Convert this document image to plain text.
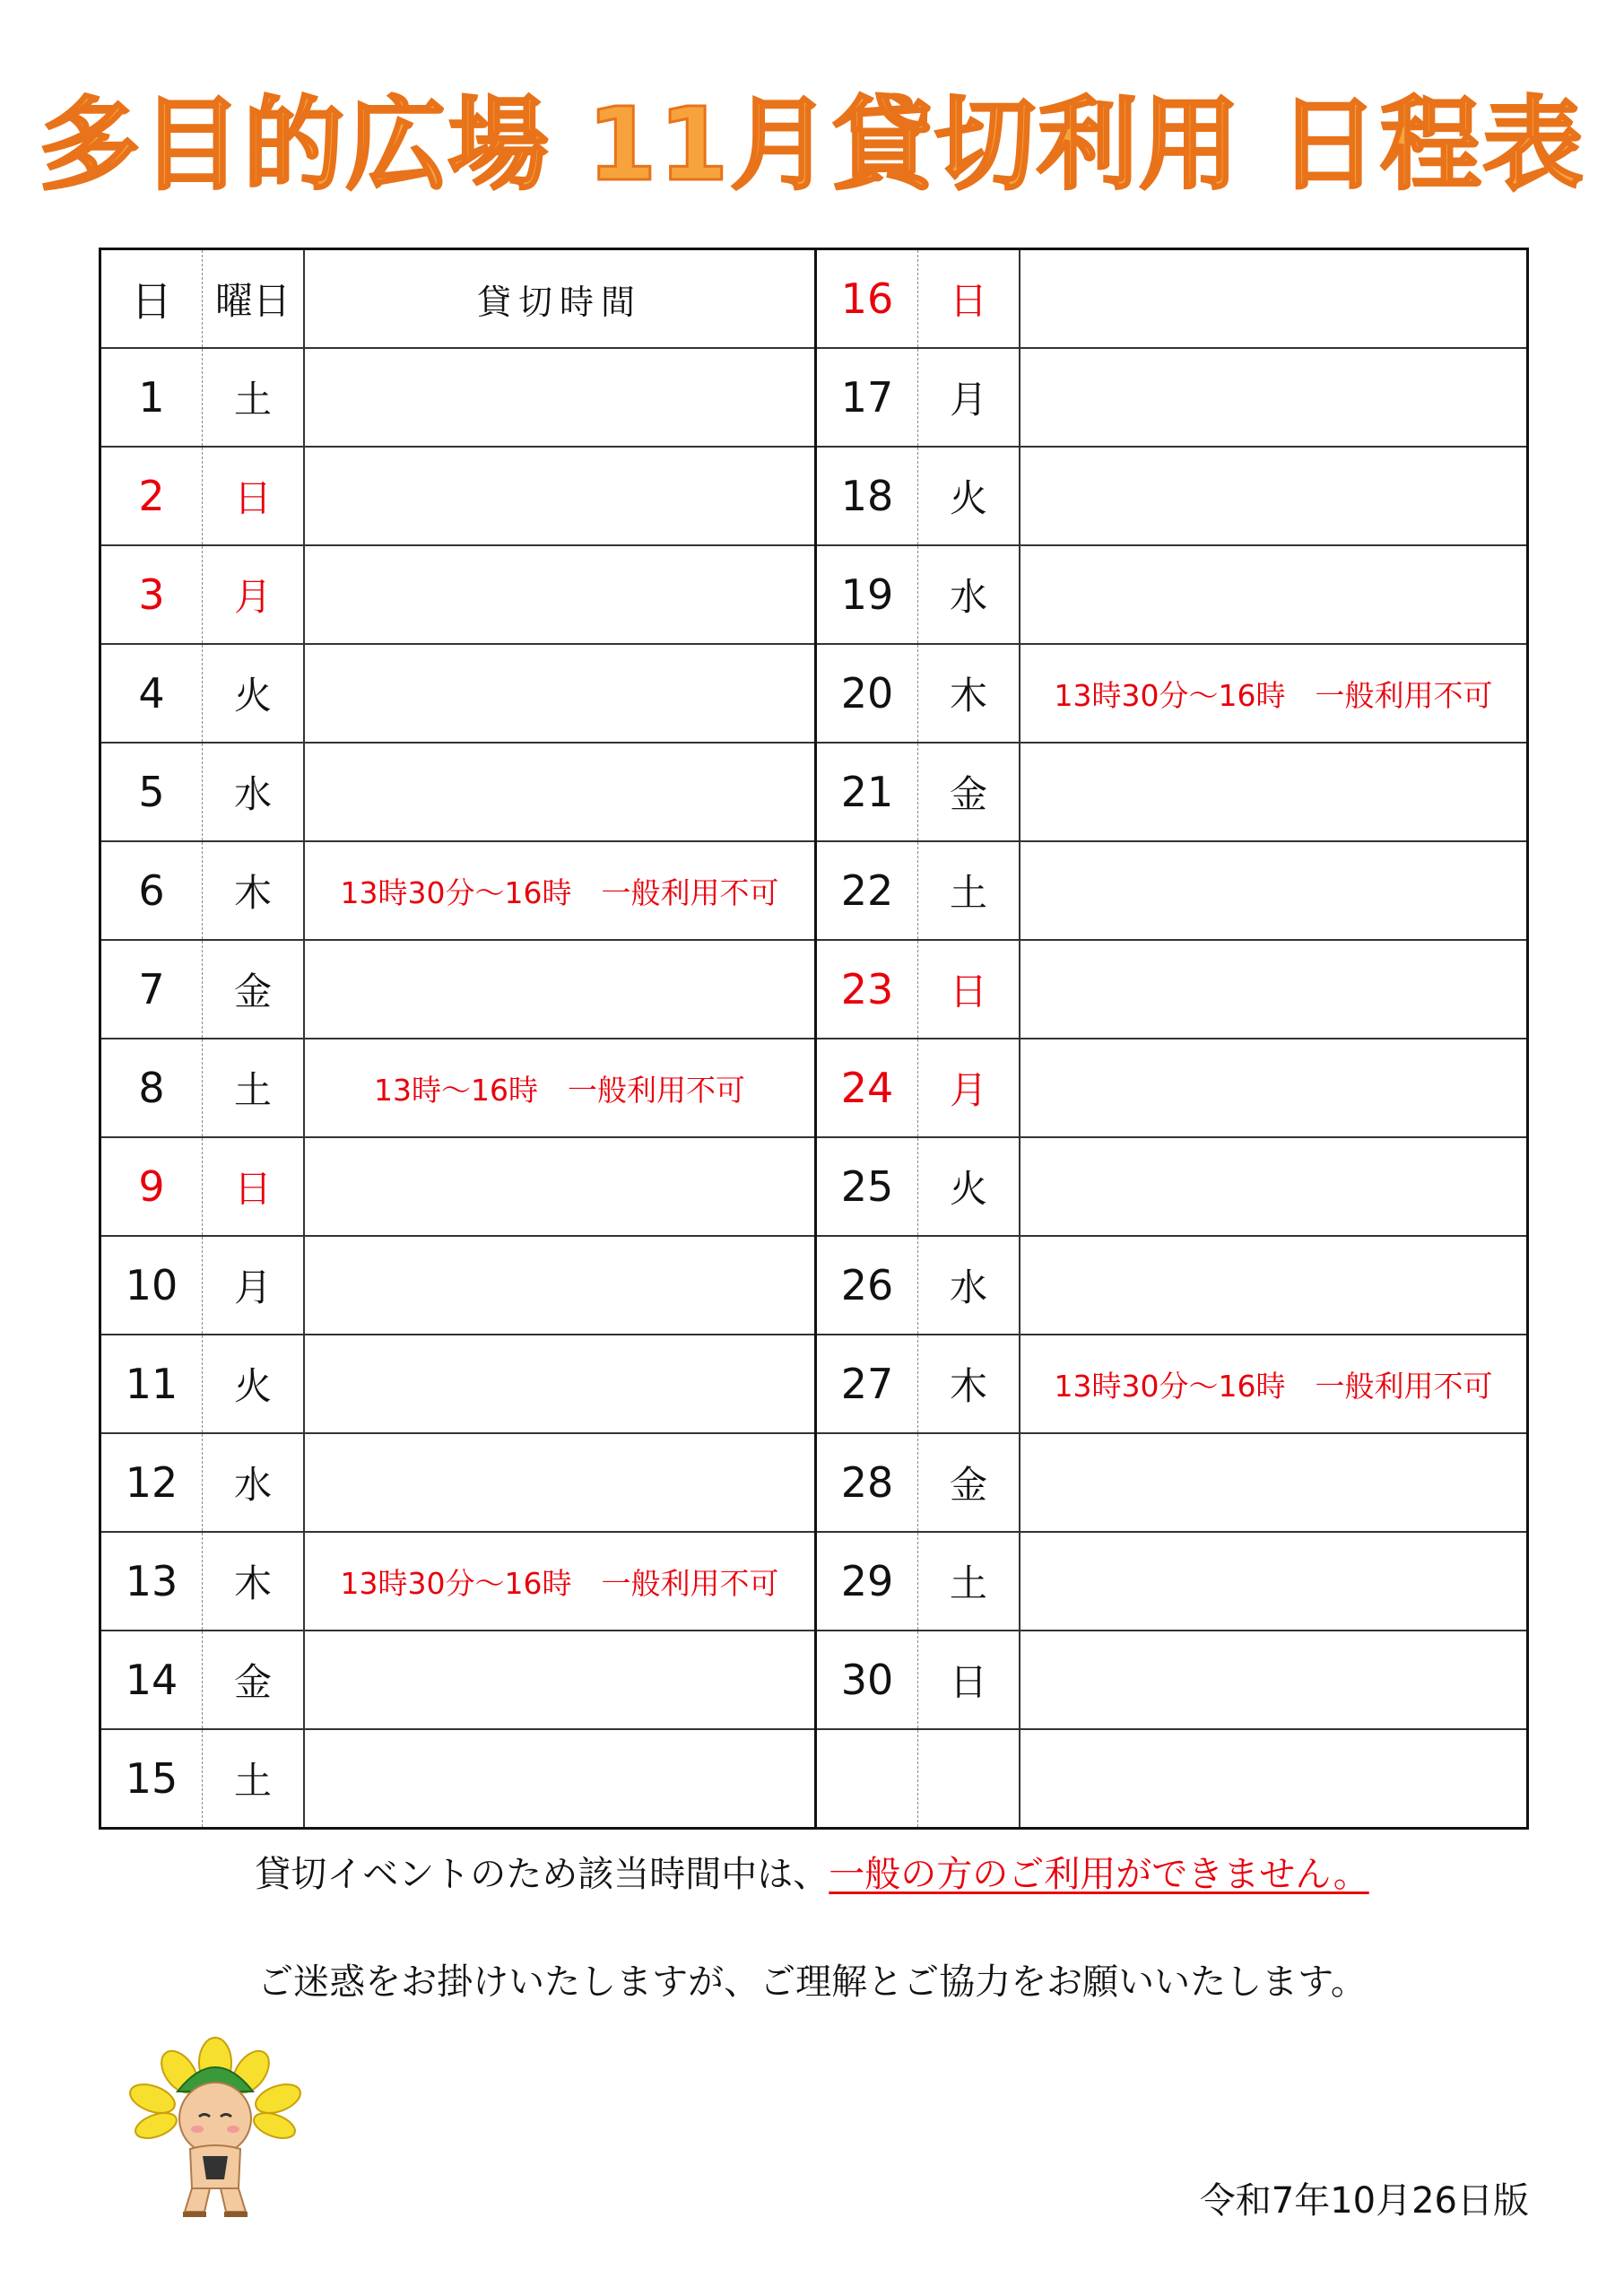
多目的広場 11月貸切利用 日程表
日	曜日	貸切時間
1	土	
2	日	
3	月	
4	火	
5	水	
6	木	13時30分～16時　一般利用不可
7	金	
8	土	13時～16時　一般利用不可
9	日	
10	月	
11	火	
12	水	
13	木	13時30分～16時　一般利用不可
14	金	
15	土	
16	日	
17	月	
18	火	
19	水	
20	木	13時30分～16時　一般利用不可
21	金	
22	土	
23	日	
24	月	
25	火	
26	水	
27	木	13時30分～16時　一般利用不可
28	金	
29	土	
30	日	

貸切イベントのため該当時間中は、一般の方のご利用ができません。
ご迷惑をお掛けいたしますが、ご理解とご協力をお願いいたします。
令和7年10月26日版
